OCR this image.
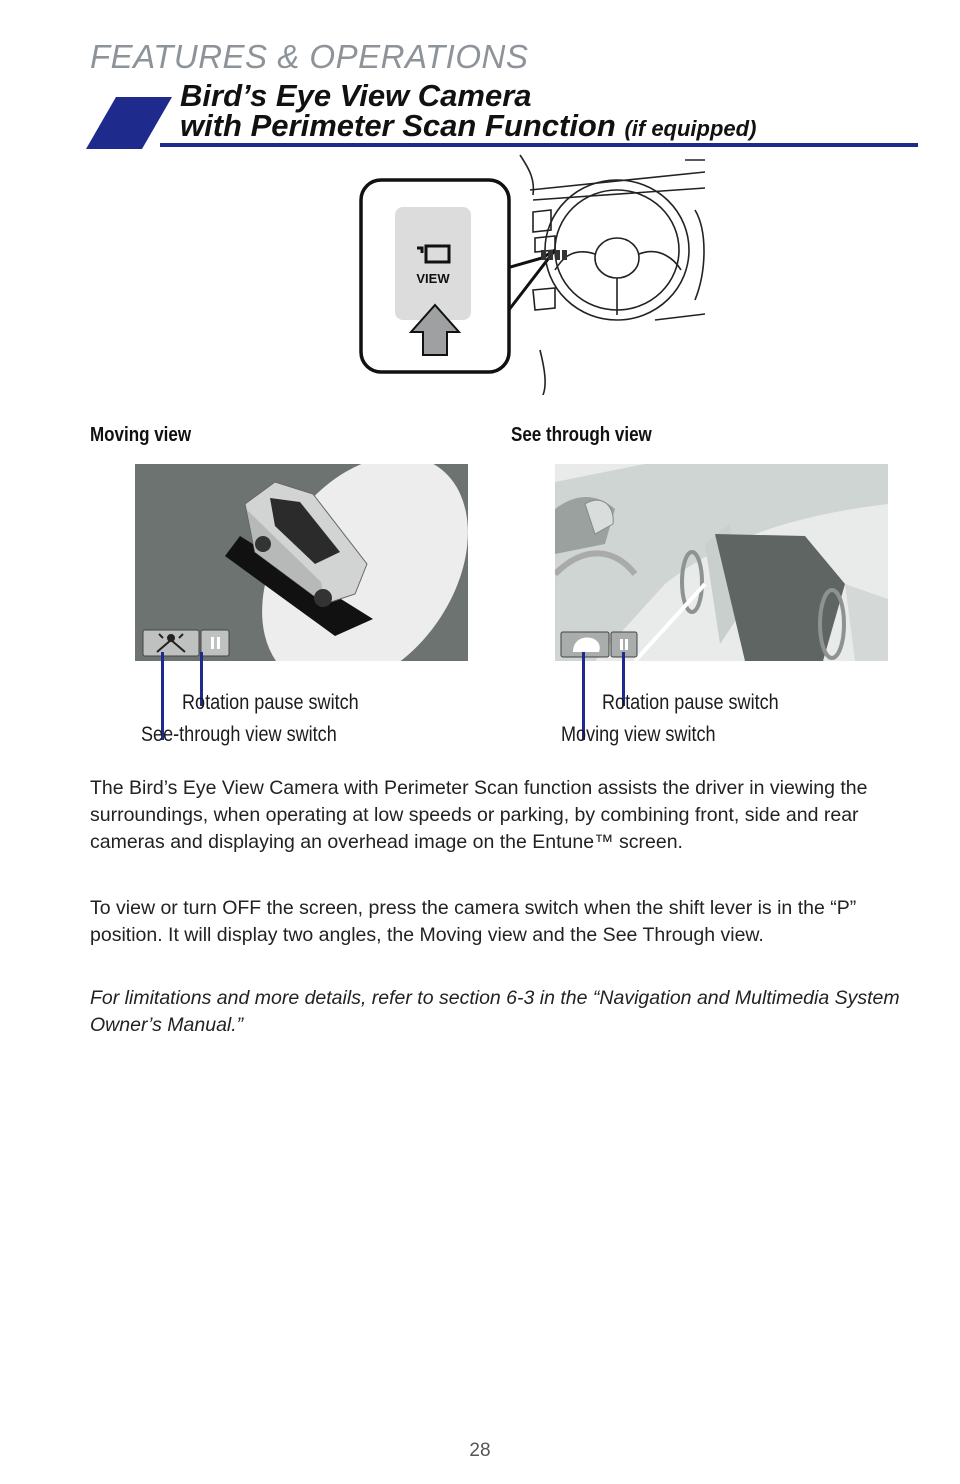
FEATURES & OPERATIONS
Bird’s Eye View Camera
with Perimeter Scan Function (if equipped)
VIEW
Moving view	See through view
Rotation pause switch
See-through view switch
Rotation pause switch
Moving view switch

The Bird’s Eye View Camera with Perimeter Scan function assists the driver in viewing the surroundings, when operating at low speeds or parking, by combining front, side and rear cameras and displaying an overhead image on the Entune™ screen.

To view or turn OFF the screen, press the camera switch when the shift lever is in the “P” position. It will display two angles, the Moving view and the See Through view.

For limitations and more details, refer to section 6-3 in the “Navigation and Multimedia System Owner’s Manual.”

28
